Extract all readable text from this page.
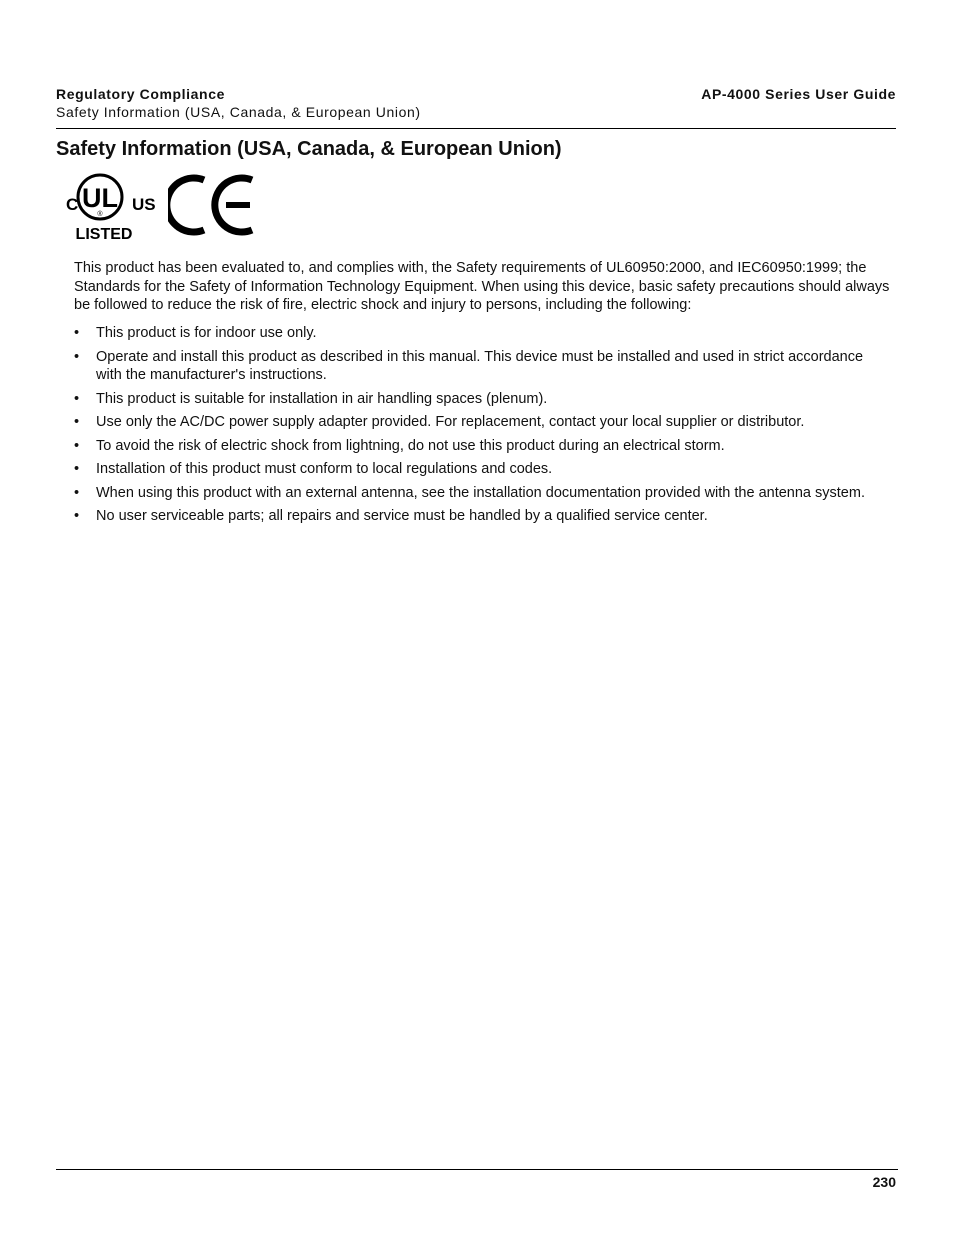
Regulatory Compliance
Safety Information (USA, Canada, & European Union)
AP-4000 Series User Guide
Safety Information (USA, Canada, & European Union)
UL
®
C	US
LISTED

This product has been evaluated to, and complies with, the Safety requirements of UL60950:2000, and IEC60950:1999; the Standards for the Safety of Information Technology Equipment. When using this device, basic safety precautions should always be followed to reduce the risk of fire, electric shock and injury to persons, including the following:

• This product is for indoor use only.
• Operate and install this product as described in this manual. This device must be installed and used in strict accordance with the manufacturer's instructions.
• This product is suitable for installation in air handling spaces (plenum).
• Use only the AC/DC power supply adapter provided. For replacement, contact your local supplier or distributor.
• To avoid the risk of electric shock from lightning, do not use this product during an electrical storm.
• Installation of this product must conform to local regulations and codes.
• When using this product with an external antenna, see the installation documentation provided with the antenna system.
• No user serviceable parts; all repairs and service must be handled by a qualified service center.
230
